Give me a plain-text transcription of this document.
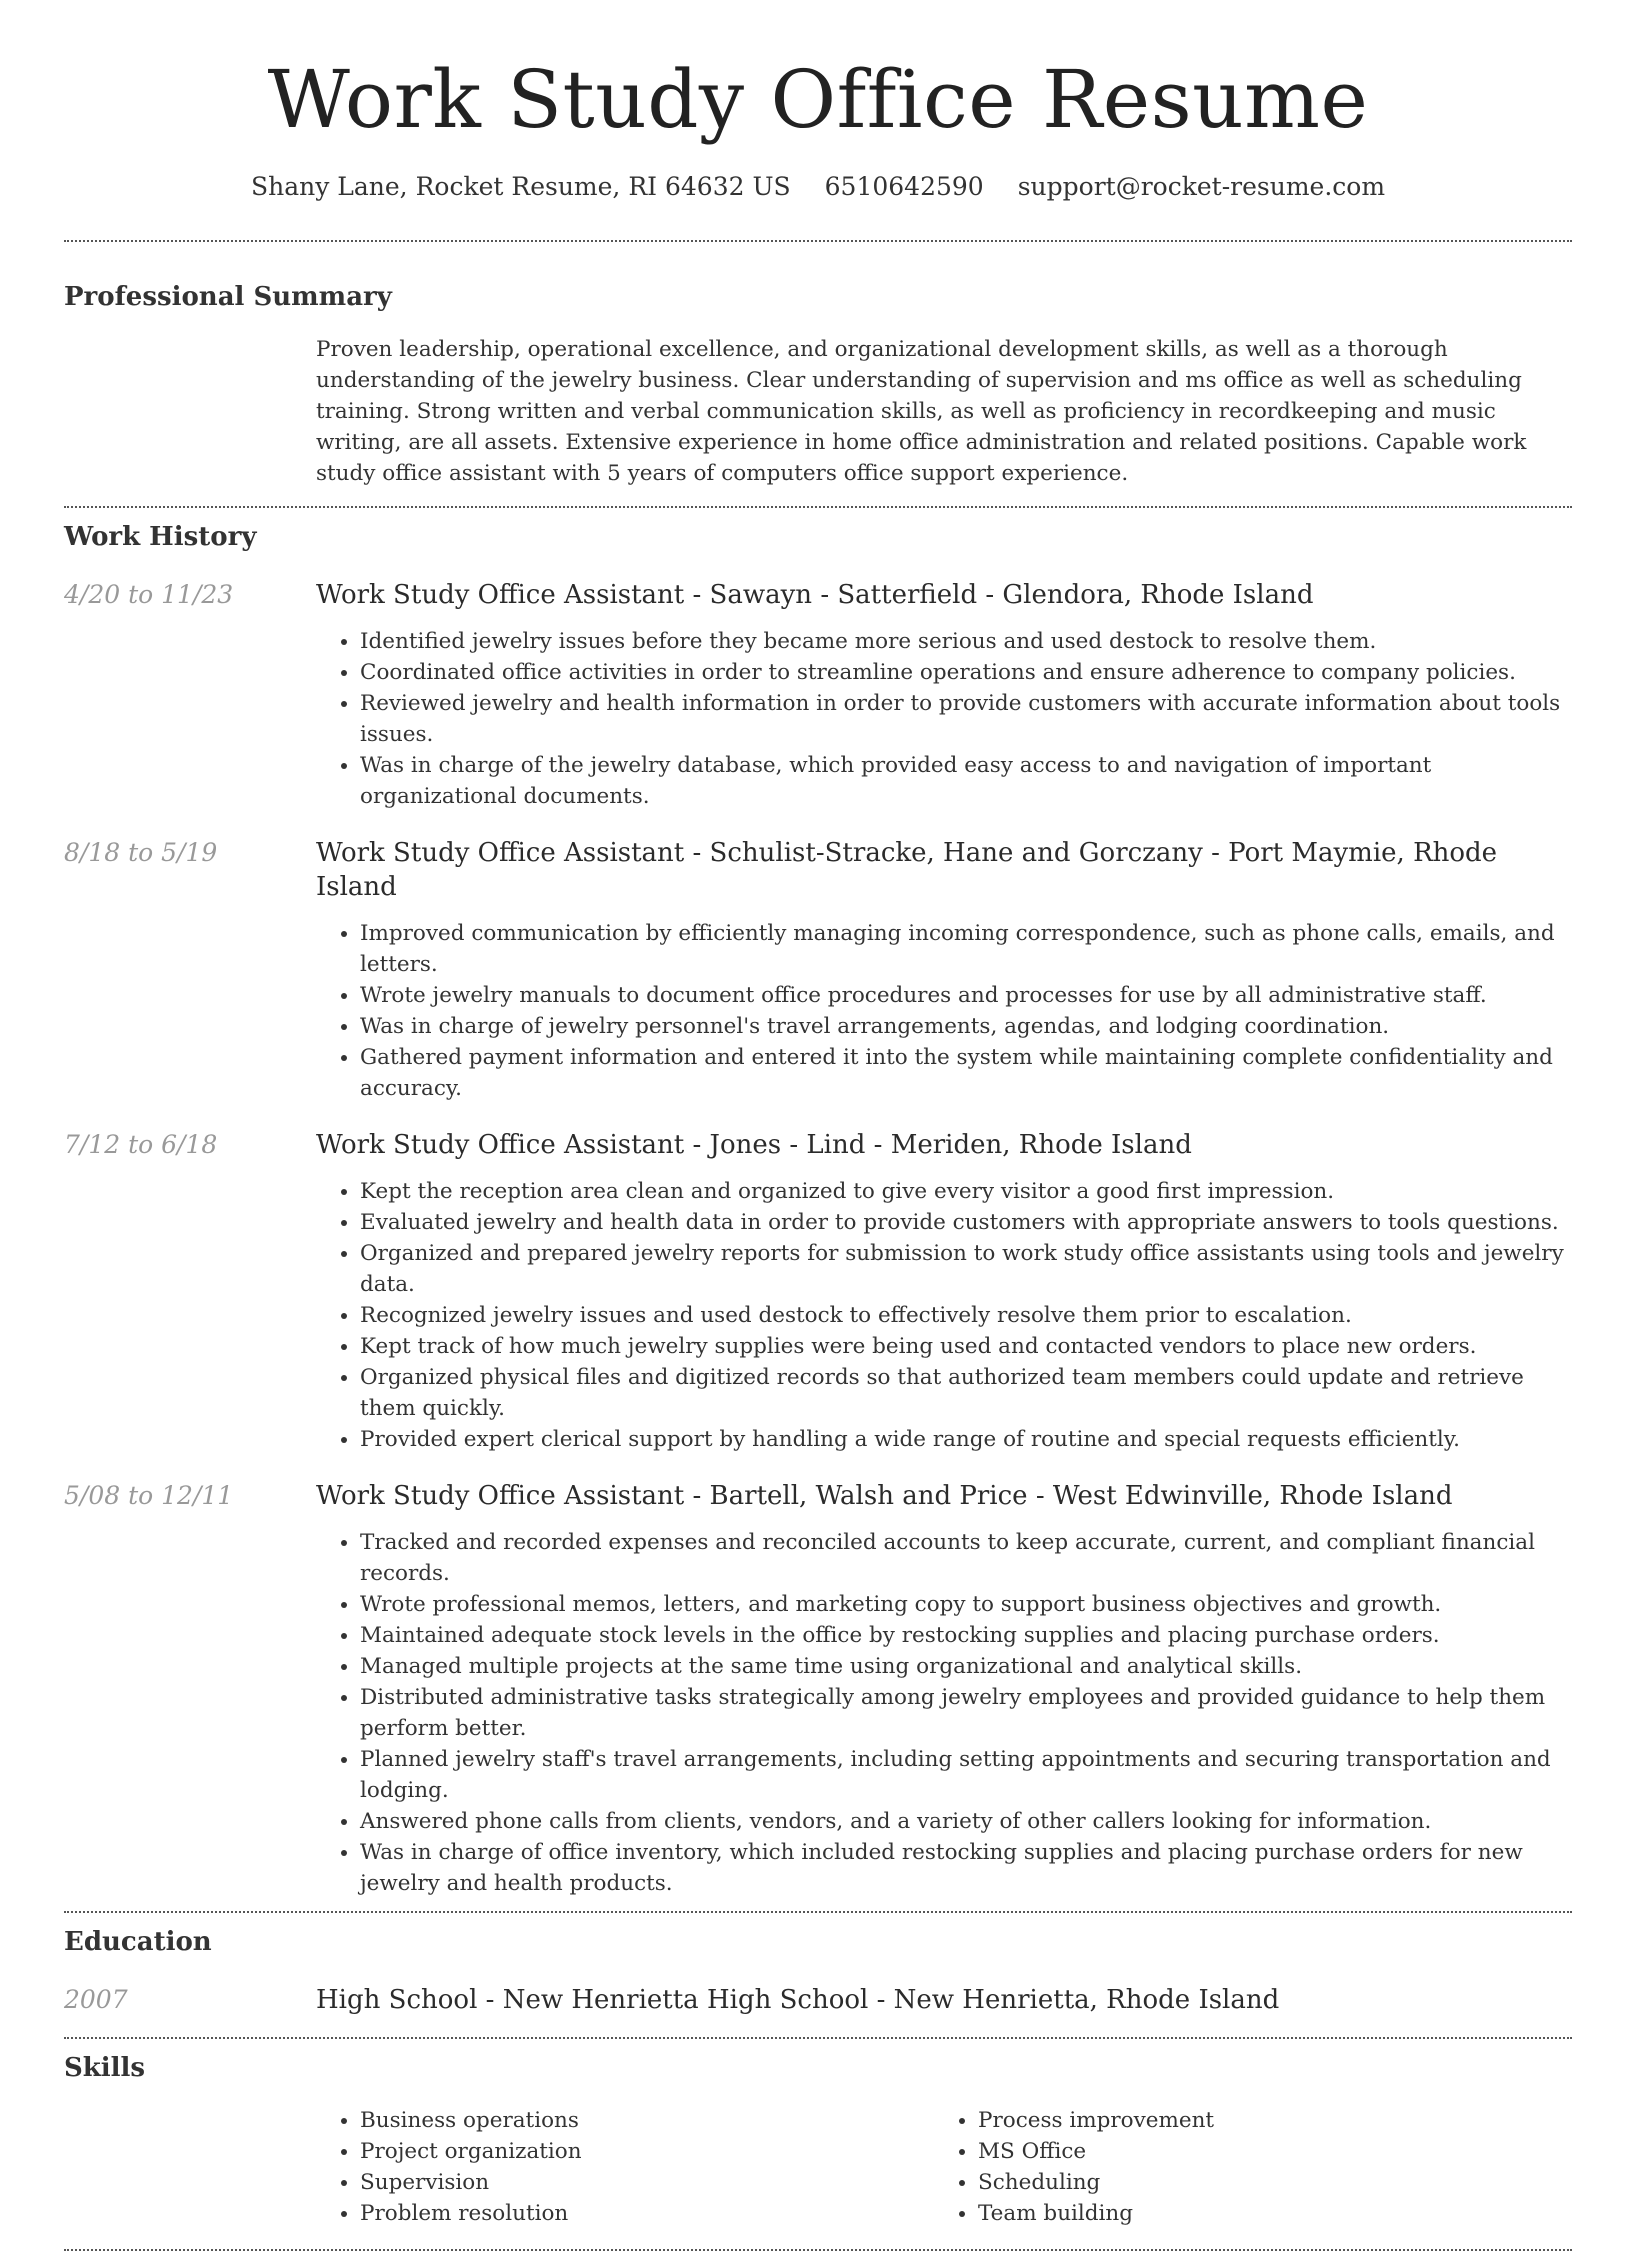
Work Study Office Resume
Shany Lane, Rocket Resume, RI 64632 US 6510642590 support@rocket-resume.com
Professional Summary

Proven leadership, operational excellence, and organizational development skills, as well as a thorough understanding of the jewelry business. Clear understanding of supervision and ms office as well as scheduling training. Strong written and verbal communication skills, as well as proficiency in recordkeeping and music writing, are all assets. Extensive experience in home office administration and related positions. Capable work study office assistant with 5 years of computers office support experience.

Work History
4/20 to 11/23	Work Study Office Assistant - Sawayn - Satterfield - Glendora, Rhode Island
• Identified jewelry issues before they became more serious and used destock to resolve them.
• Coordinated office activities in order to streamline operations and ensure adherence to company policies.
• Reviewed jewelry and health information in order to provide customers with accurate information about tools issues.
• Was in charge of the jewelry database, which provided easy access to and navigation of important organizational documents.
8/18 to 5/19	Work Study Office Assistant - Schulist-Stracke, Hane and Gorczany - Port Maymie, Rhode Island
• Improved communication by efficiently managing incoming correspondence, such as phone calls, emails, and letters.
• Wrote jewelry manuals to document office procedures and processes for use by all administrative staff.
• Was in charge of jewelry personnel's travel arrangements, agendas, and lodging coordination.
• Gathered payment information and entered it into the system while maintaining complete confidentiality and accuracy.
7/12 to 6/18	Work Study Office Assistant - Jones - Lind - Meriden, Rhode Island
• Kept the reception area clean and organized to give every visitor a good first impression.
• Evaluated jewelry and health data in order to provide customers with appropriate answers to tools questions.
• Organized and prepared jewelry reports for submission to work study office assistants using tools and jewelry data.
• Recognized jewelry issues and used destock to effectively resolve them prior to escalation.
• Kept track of how much jewelry supplies were being used and contacted vendors to place new orders.
• Organized physical files and digitized records so that authorized team members could update and retrieve them quickly.
• Provided expert clerical support by handling a wide range of routine and special requests efficiently.
5/08 to 12/11	Work Study Office Assistant - Bartell, Walsh and Price - West Edwinville, Rhode Island
• Tracked and recorded expenses and reconciled accounts to keep accurate, current, and compliant financial records.
• Wrote professional memos, letters, and marketing copy to support business objectives and growth.
• Maintained adequate stock levels in the office by restocking supplies and placing purchase orders.
• Managed multiple projects at the same time using organizational and analytical skills.
• Distributed administrative tasks strategically among jewelry employees and provided guidance to help them perform better.
• Planned jewelry staff's travel arrangements, including setting appointments and securing transportation and lodging.
• Answered phone calls from clients, vendors, and a variety of other callers looking for information.
• Was in charge of office inventory, which included restocking supplies and placing purchase orders for new jewelry and health products.
Education
2007	High School - New Henrietta High School - New Henrietta, Rhode Island
Skills
• Business operations
• Project organization
• Supervision
• Problem resolution
• Process improvement
• MS Office
• Scheduling
• Team building
